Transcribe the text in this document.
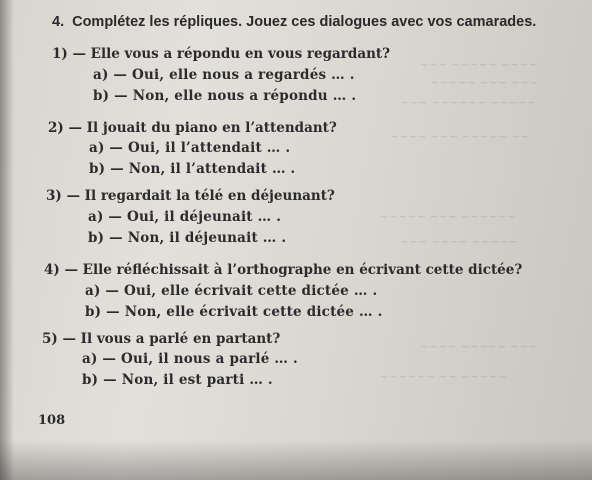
~~~ ~~~~~ ~~~~
~~~~~ ~~~ ~~~
~~~ ~~~~~~ ~~~~~
~~~~ ~~~ ~~~~~ ~~
~~~~~ ~~~ ~~~~~~
~~~ ~~~~ ~~~~~
~~~~ ~~~~~ ~~~
~~~~~~ ~~ ~~~~~
4. Complétez les répliques. Jouez ces dialogues avec vos camarades.
1) — Elle vous a répondu en vous regardant?
a) — Oui, elle nous a regardés … .
b) — Non, elle nous a répondu … .
2) — Il jouait du piano en l’attendant?
a) — Oui, il l’attendait … .
b) — Non, il l’attendait … .
3) — Il regardait la télé en déjeunant?
a) — Oui, il déjeunait … .
b) — Non, il déjeunait … .
4) — Elle réfléchissait à l’orthographe en écrivant cette dictée?
a) — Oui, elle écrivait cette dictée … .
b) — Non, elle écrivait cette dictée … .
5) — Il vous a parlé en partant?
a) — Oui, il nous a parlé … .
b) — Non, il est parti … .
108
